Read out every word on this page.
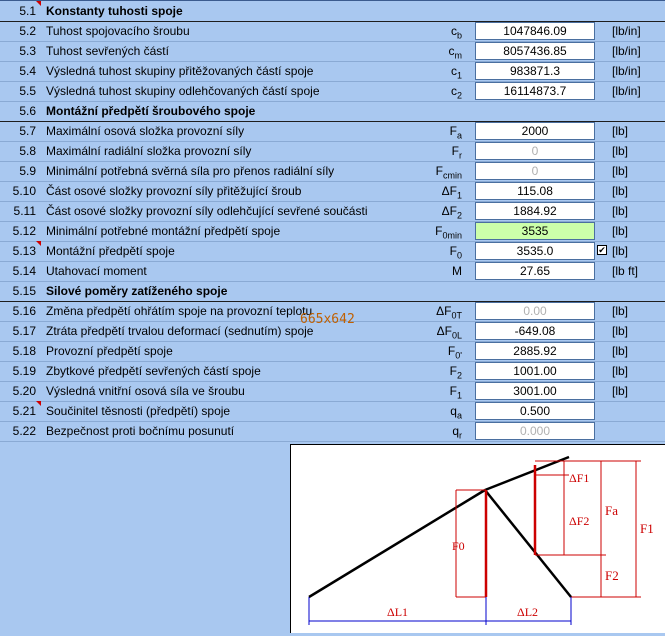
5.1 Konstanty tuhosti spoje
5.2 Tuhost spojovacího šroubu	$c_b$	1047846.09	[lb/in]
5.3 Tuhost sevřených částí	$c_m$	8057436.85	[lb/in]
5.4 Výsledná tuhost skupiny přitěžovaných částí spoje	$c_1$	983871.3	[lb/in]
5.5 Výsledná tuhost skupiny odlehčovaných částí spoje	$c_2$	16114873.7	[lb/in]
5.6 Montážní předpětí šroubového spoje
5.7 Maximální osová složka provozní síly	$F_a$	2000	[lb]
5.8 Maximální radiální složka provozní síly	$F_r$	0	[lb]
5.9 Minimální potřebná svěrná síla pro přenos radiální síly	$F_{cmin}$	0	[lb]
5.10 Část osové složky provozní síly přitěžující šroub	$\Delta F_1$	115.08	[lb]
5.11 Část osové složky provozní síly odlehčující sevřené součásti	$\Delta F_2$	1884.92	[lb]
5.12 Minimální potřebné montážní předpětí spoje	$F_{0min}$	3535	[lb]
5.13 Montážní předpětí spoje	$F_0$	3535.0	✔ [lb]
5.14 Utahovací moment	M	27.65	[lb ft]
5.15 Silové poměry zatíženého spoje
5.16 Změna předpětí ohřátím spoje na provozní teplotu	$\Delta F_{0T}$	0.00	[lb]
5.17 Ztráta předpětí trvalou deformací (sednutím) spoje	$\Delta F_{0L}$	-649.08	[lb]
5.18 Provozní předpětí spoje	$F_{0'}$	2885.92	[lb]
5.19 Zbytkové předpětí sevřených částí spoje	$F_2$	1001.00	[lb]
5.20 Výsledná vnitřní osová síla ve šroubu	$F_1$	3001.00	[lb]
5.21 Součinitel těsnosti (předpětí) spoje	$q_a$	0.500
5.22 Bezpečnost proti bočnímu posunutí	$q_r$	0.000
ΔF1
ΔF2
Fa
F1
F2
F0
ΔL1	ΔL2
665x642
